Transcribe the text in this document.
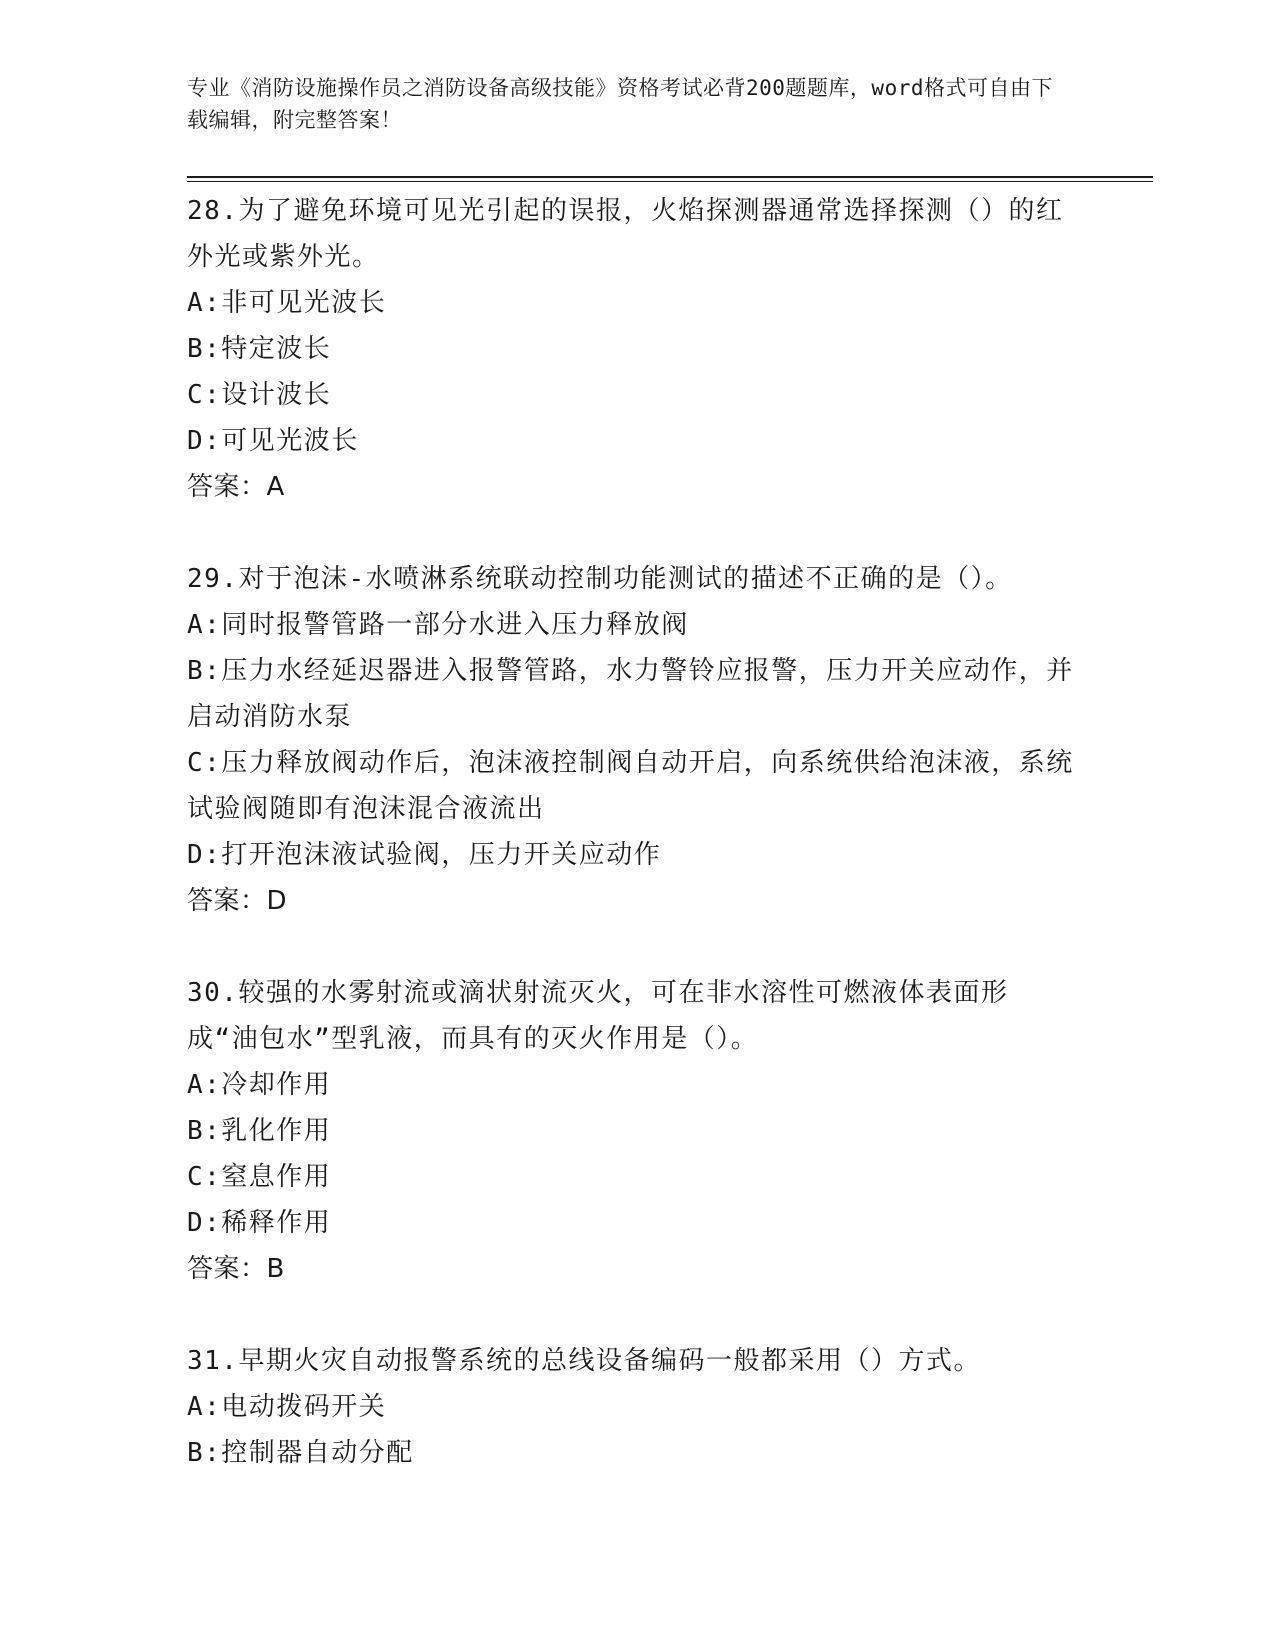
专业《消防设施操作员之消防设备高级技能》资格考试必背200题题库，word格式可自由下载编辑，附完整答案！
28.为了避免环境可见光引起的误报，火焰探测器通常选择探测（）的红外光或紫外光。
A:非可见光波长
B:特定波长
C:设计波长
D:可见光波长
答案：A
29.对于泡沫-水喷淋系统联动控制功能测试的描述不正确的是（）。
A:同时报警管路一部分水进入压力释放阀
B:压力水经延迟器进入报警管路，水力警铃应报警，压力开关应动作，并启动消防水泵
C:压力释放阀动作后，泡沫液控制阀自动开启，向系统供给泡沫液，系统试验阀随即有泡沫混合液流出
D:打开泡沫液试验阀，压力开关应动作
答案：D
30.较强的水雾射流或滴状射流灭火，可在非水溶性可燃液体表面形成“油包水”型乳液，而具有的灭火作用是（）。
A:冷却作用
B:乳化作用
C:窒息作用
D:稀释作用
答案：B
31.早期火灾自动报警系统的总线设备编码一般都采用（）方式。
A:电动拨码开关
B:控制器自动分配
